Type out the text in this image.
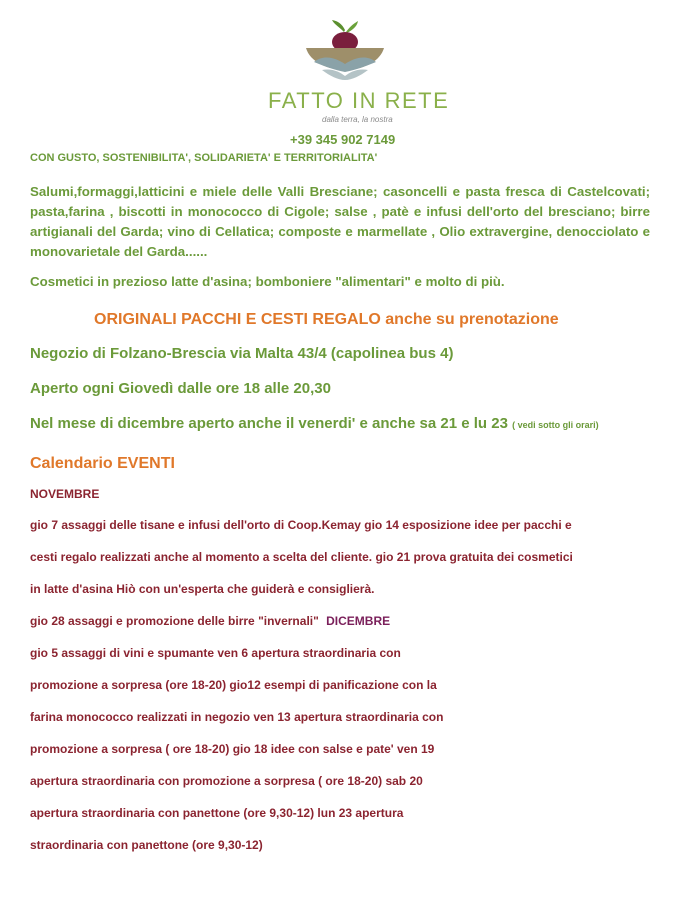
FATTO IN RETE
dalla terra, la nostra
+39 345 902 7149
CON GUSTO, SOSTENIBILITA', SOLIDARIETA' E TERRITORIALITA'
Salumi,formaggi,latticini e miele delle Valli Bresciane; casoncelli e pasta fresca di Castelcovati; pasta,farina , biscotti in monococco di Cigole; salse , patè e infusi dell'orto del bresciano; birre artigianali del Garda; vino di Cellatica; composte e marmellate , Olio extravergine, denocciolato e monovarietale del Garda......
Cosmetici in prezioso latte d'asina; bomboniere "alimentari" e molto di più.
ORIGINALI PACCHI E CESTI REGALO anche su prenotazione
Negozio di Folzano-Brescia via Malta 43/4 (capolinea bus 4)
Aperto ogni Giovedì dalle ore 18 alle 20,30
Nel mese di dicembre aperto anche il venerdi' e anche sa 21 e lu 23 ( vedi sotto gli orari)
Calendario EVENTI
NOVEMBRE
gio 7 assaggi delle tisane e infusi dell'orto di Coop.Kemay gio 14 esposizione idee per pacchi e
cesti regalo realizzati anche al momento a scelta del cliente. gio 21 prova gratuita dei cosmetici
in latte d'asina Hiò con un'esperta che guiderà e consiglierà.
gio 28 assaggi e promozione delle birre "invernali" DICEMBRE
gio 5 assaggi di vini e spumante ven 6 apertura straordinaria con
promozione a sorpresa (ore 18-20) gio12 esempi di panificazione con la
farina monococco realizzati in negozio ven 13 apertura straordinaria con
promozione a sorpresa ( ore 18-20) gio 18 idee con salse e pate' ven 19
apertura straordinaria con promozione a sorpresa ( ore 18-20) sab 20
apertura straordinaria con panettone (ore 9,30-12) lun 23 apertura
straordinaria con panettone (ore 9,30-12)
